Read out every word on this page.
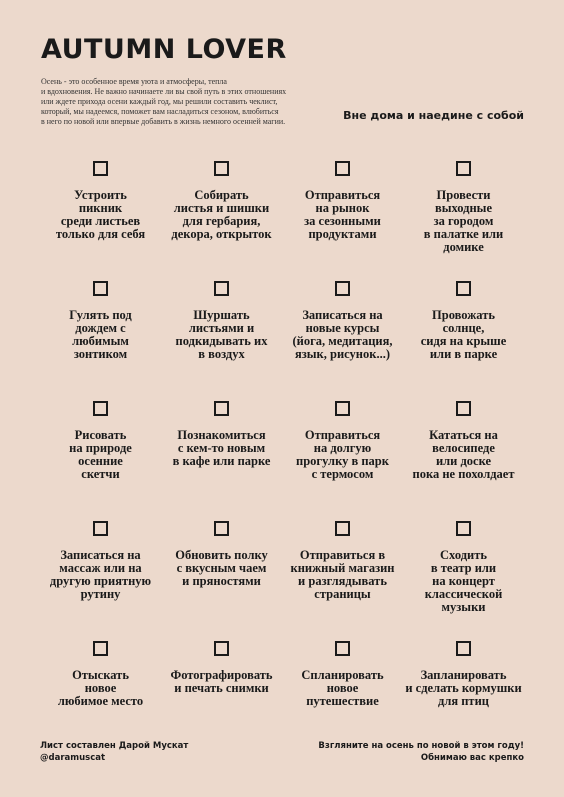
AUTUMN LOVER

Осень - это особенное время уюта и атмосферы, тепла
и вдохновения. Не важно начинаете ли вы свой путь в этих отношениях
или ждете прихода осени каждый год, мы решили составить чеклист,
который, мы надеемся, поможет вам насладиться сезоном, влюбиться
в него по новой или впервые добавить в жизнь немного осенней магии.	Вне дома и наедине с собой

Устроить
пикник
среди листьев
только для себя
Собирать
листья и шишки
для гербария,
декора, открыток
Отправиться
на рынок
за сезонными
продуктами
Провести
выходные
за городом
в палатке или
домике
Гулять под
дождем с
любимым
зонтиком
Шуршать
листьями и
подкидывать их
в воздух
Записаться на
новые курсы
(йога, медитация,
язык, рисунок...)
Провожать
солнце,
сидя на крыше
или в парке
Рисовать
на природе
осенние
скетчи
Познакомиться
с кем-то новым
в кафе или парке
Отправиться
на долгую
прогулку в парк
с термосом
Кататься на
велосипеде
или доске
пока не похолдает
Записаться на
массаж или на
другую приятную
рутину
Обновить полку
с вкусным чаем
и пряностями
Отправиться в
книжный магазин
и разглядывать
страницы
Сходить
в театр или
на концерт
классической
музыки
Отыскать
новое
любимое место
Фотографировать
и печать снимки
Спланировать
новое
путешествие
Запланировать
и сделать кормушки
для птиц
Лист составлен Дарой Мускат
@daramuscat
Взгляните на осень по новой в этом году!
Обнимаю вас крепко
